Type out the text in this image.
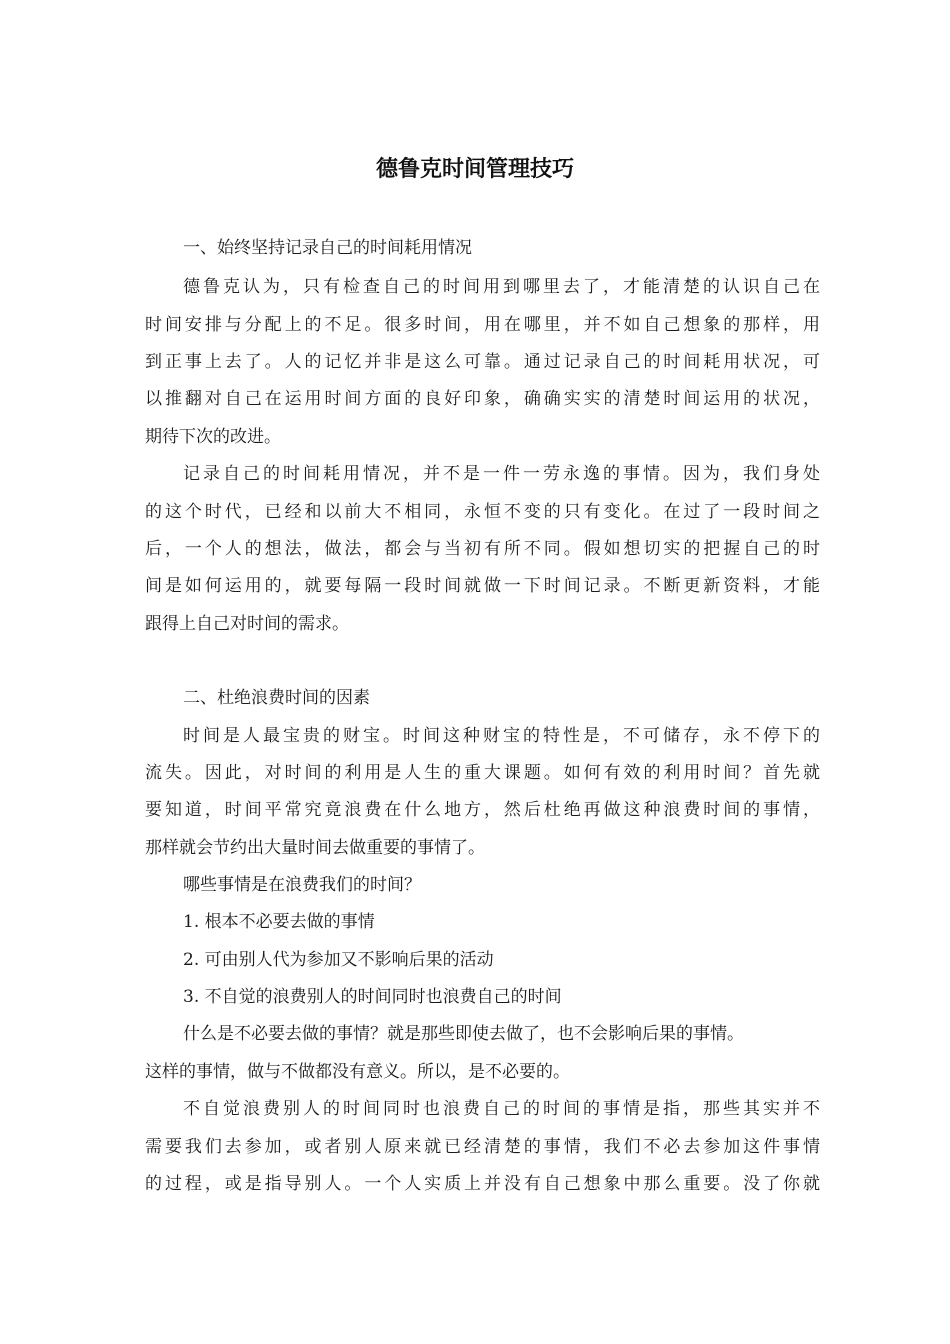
德鲁克时间管理技巧
一、始终坚持记录自己的时间耗用情况
德鲁克认为，只有检查自己的时间用到哪里去了，才能清楚的认识自己在
时间安排与分配上的不足。很多时间，用在哪里，并不如自己想象的那样，用
到正事上去了。人的记忆并非是这么可靠。通过记录自己的时间耗用状况，可
以推翻对自己在运用时间方面的良好印象，确确实实的清楚时间运用的状况，
期待下次的改进。
记录自己的时间耗用情况，并不是一件一劳永逸的事情。因为，我们身处
的这个时代，已经和以前大不相同，永恒不变的只有变化。在过了一段时间之
后，一个人的想法，做法，都会与当初有所不同。假如想切实的把握自己的时
间是如何运用的，就要每隔一段时间就做一下时间记录。不断更新资料，才能
跟得上自己对时间的需求。
二、杜绝浪费时间的因素
时间是人最宝贵的财宝。时间这种财宝的特性是，不可储存，永不停下的
流失。因此，对时间的利用是人生的重大课题。如何有效的利用时间？首先就
要知道，时间平常究竟浪费在什么地方，然后杜绝再做这种浪费时间的事情，
那样就会节约出大量时间去做重要的事情了。
哪些事情是在浪费我们的时间？
1. 根本不必要去做的事情
2. 可由别人代为参加又不影响后果的活动
3. 不自觉的浪费别人的时间同时也浪费自己的时间
什么是不必要去做的事情？就是那些即使去做了，也不会影响后果的事情。
这样的事情，做与不做都没有意义。所以，是不必要的。
不自觉浪费别人的时间同时也浪费自己的时间的事情是指，那些其实并不
需要我们去参加，或者别人原来就已经清楚的事情，我们不必去参加这件事情
的过程，或是指导别人。一个人实质上并没有自己想象中那么重要。没了你就
